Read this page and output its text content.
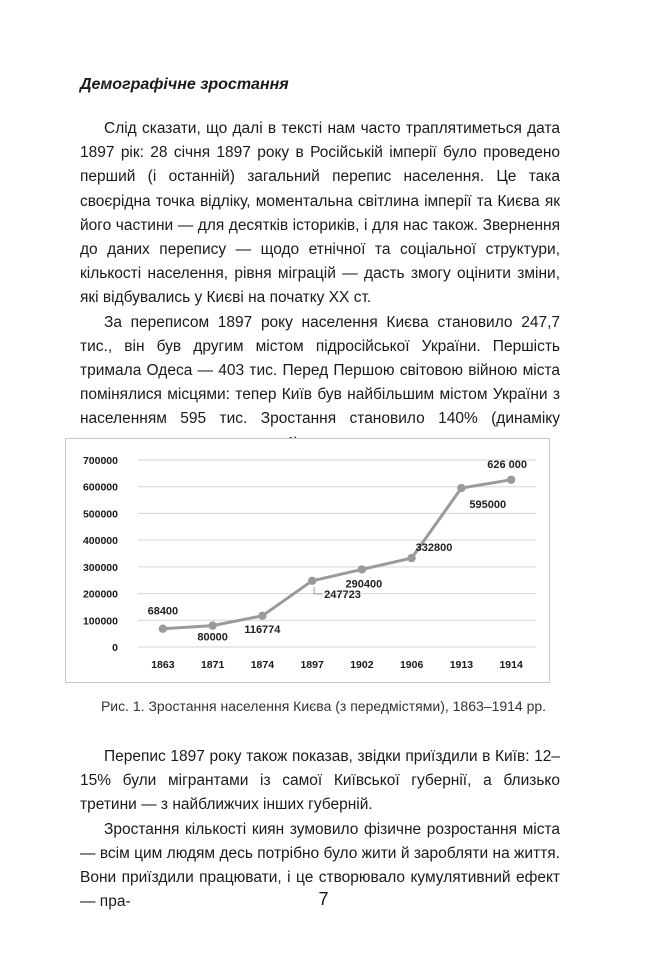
Демографічне зростання

Слід сказати, що далі в тексті нам часто траплятиметься дата 1897 рік: 28 січня 1897 року в Російській імперії було проведено перший (і останній) загальний перепис населення. Це така своєрідна точка відліку, моментальна світлина імперії та Києва як його частини — для десятків істориків, і для нас також. Звернення до даних перепису — щодо етнічної та соціальної структури, кількості населення, рівня міграцій — дасть змогу оцінити зміни, які відбувались у Києві на початку XX ст.

За переписом 1897 року населення Києва становило 247,7 тис., він був другим містом підросійської України. Першість тримала Одеса — 403 тис. Перед Першою світовою війною міста помінялися місцями: тепер Київ був найбільшим містом України з населенням 595 тис. Зростання становило 140% (динаміку

0
100000
200000
300000
400000
500000
600000
700000
1863	1871	1874	1897	1902	1906	1913	1914
68400
80000
116774
247723
290400
332800
595000
626 000

Рис. 1. Зростання населення Києва (з передмістями), 1863–1914 рр.

Перепис 1897 року також показав, звідки приїздили в Київ: 12–15% були мігрантами із самої Київської губернії, а близько третини — з найближчих інших губерній.

Зростання кількості киян зумовило фізичне розростання міста — всім цим людям десь потрібно було жити й заробляти на життя. Вони приїздили працювати, і це створювало кумулятивний ефект — пра-	7
